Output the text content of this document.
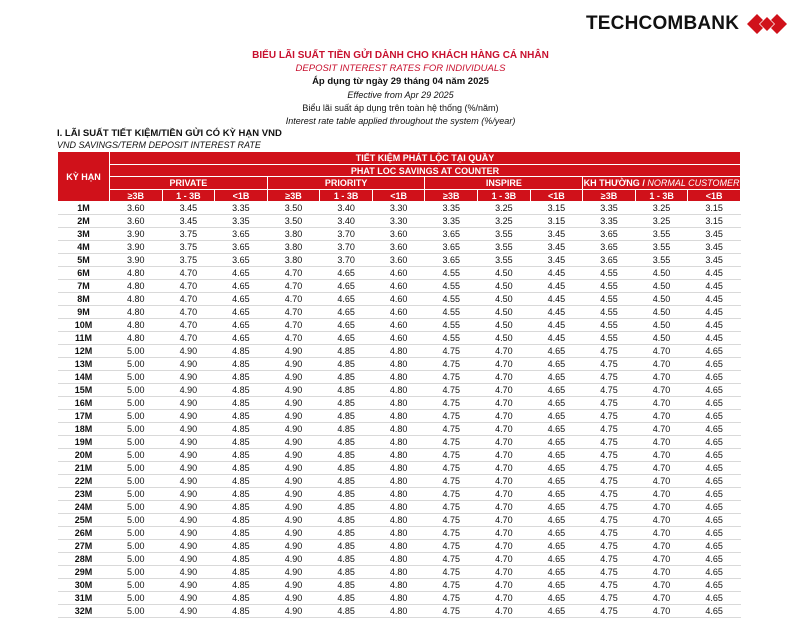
TECHCOMBANK
BIỂU LÃI SUẤT TIỀN GỬI DÀNH CHO KHÁCH HÀNG CÁ NHÂN
DEPOSIT INTEREST RATES FOR INDIVIDUALS
Áp dụng từ ngày 29 tháng 04 năm 2025
Effective from Apr 29 2025
Biểu lãi suất áp dụng trên toàn hệ thống (%/năm)
Interest rate table applied throughout the system (%/year)
I. LÃI SUẤT TIẾT KIỆM/TIỀN GỬI CÓ KỲ HẠN VND
VND SAVINGS/TERM DEPOSIT INTEREST RATE
KỲ HẠN	TIẾT KIỆM PHÁT LỘC TẠI QUẦY											
	PHAT LOC SAVINGS AT COUNTER											
	PRIVATE			PRIORITY			INSPIRE			KH THƯỜNG / NORMAL CUSTOMER		
	≥3B	1 - 3B	<1B	≥3B	1 - 3B	<1B	≥3B	1 - 3B	<1B	≥3B	1 - 3B	<1B
1M	3.60	3.45	3.35	3.50	3.40	3.30	3.35	3.25	3.15	3.35	3.25	3.15
2M	3.60	3.45	3.35	3.50	3.40	3.30	3.35	3.25	3.15	3.35	3.25	3.15
3M	3.90	3.75	3.65	3.80	3.70	3.60	3.65	3.55	3.45	3.65	3.55	3.45
4M	3.90	3.75	3.65	3.80	3.70	3.60	3.65	3.55	3.45	3.65	3.55	3.45
5M	3.90	3.75	3.65	3.80	3.70	3.60	3.65	3.55	3.45	3.65	3.55	3.45
6M	4.80	4.70	4.65	4.70	4.65	4.60	4.55	4.50	4.45	4.55	4.50	4.45
7M	4.80	4.70	4.65	4.70	4.65	4.60	4.55	4.50	4.45	4.55	4.50	4.45
8M	4.80	4.70	4.65	4.70	4.65	4.60	4.55	4.50	4.45	4.55	4.50	4.45
9M	4.80	4.70	4.65	4.70	4.65	4.60	4.55	4.50	4.45	4.55	4.50	4.45
10M	4.80	4.70	4.65	4.70	4.65	4.60	4.55	4.50	4.45	4.55	4.50	4.45
11M	4.80	4.70	4.65	4.70	4.65	4.60	4.55	4.50	4.45	4.55	4.50	4.45
12M	5.00	4.90	4.85	4.90	4.85	4.80	4.75	4.70	4.65	4.75	4.70	4.65
13M	5.00	4.90	4.85	4.90	4.85	4.80	4.75	4.70	4.65	4.75	4.70	4.65
14M	5.00	4.90	4.85	4.90	4.85	4.80	4.75	4.70	4.65	4.75	4.70	4.65
15M	5.00	4.90	4.85	4.90	4.85	4.80	4.75	4.70	4.65	4.75	4.70	4.65
16M	5.00	4.90	4.85	4.90	4.85	4.80	4.75	4.70	4.65	4.75	4.70	4.65
17M	5.00	4.90	4.85	4.90	4.85	4.80	4.75	4.70	4.65	4.75	4.70	4.65
18M	5.00	4.90	4.85	4.90	4.85	4.80	4.75	4.70	4.65	4.75	4.70	4.65
19M	5.00	4.90	4.85	4.90	4.85	4.80	4.75	4.70	4.65	4.75	4.70	4.65
20M	5.00	4.90	4.85	4.90	4.85	4.80	4.75	4.70	4.65	4.75	4.70	4.65
21M	5.00	4.90	4.85	4.90	4.85	4.80	4.75	4.70	4.65	4.75	4.70	4.65
22M	5.00	4.90	4.85	4.90	4.85	4.80	4.75	4.70	4.65	4.75	4.70	4.65
23M	5.00	4.90	4.85	4.90	4.85	4.80	4.75	4.70	4.65	4.75	4.70	4.65
24M	5.00	4.90	4.85	4.90	4.85	4.80	4.75	4.70	4.65	4.75	4.70	4.65
25M	5.00	4.90	4.85	4.90	4.85	4.80	4.75	4.70	4.65	4.75	4.70	4.65
26M	5.00	4.90	4.85	4.90	4.85	4.80	4.75	4.70	4.65	4.75	4.70	4.65
27M	5.00	4.90	4.85	4.90	4.85	4.80	4.75	4.70	4.65	4.75	4.70	4.65
28M	5.00	4.90	4.85	4.90	4.85	4.80	4.75	4.70	4.65	4.75	4.70	4.65
29M	5.00	4.90	4.85	4.90	4.85	4.80	4.75	4.70	4.65	4.75	4.70	4.65
30M	5.00	4.90	4.85	4.90	4.85	4.80	4.75	4.70	4.65	4.75	4.70	4.65
31M	5.00	4.90	4.85	4.90	4.85	4.80	4.75	4.70	4.65	4.75	4.70	4.65
32M	5.00	4.90	4.85	4.90	4.85	4.80	4.75	4.70	4.65	4.75	4.70	4.65
